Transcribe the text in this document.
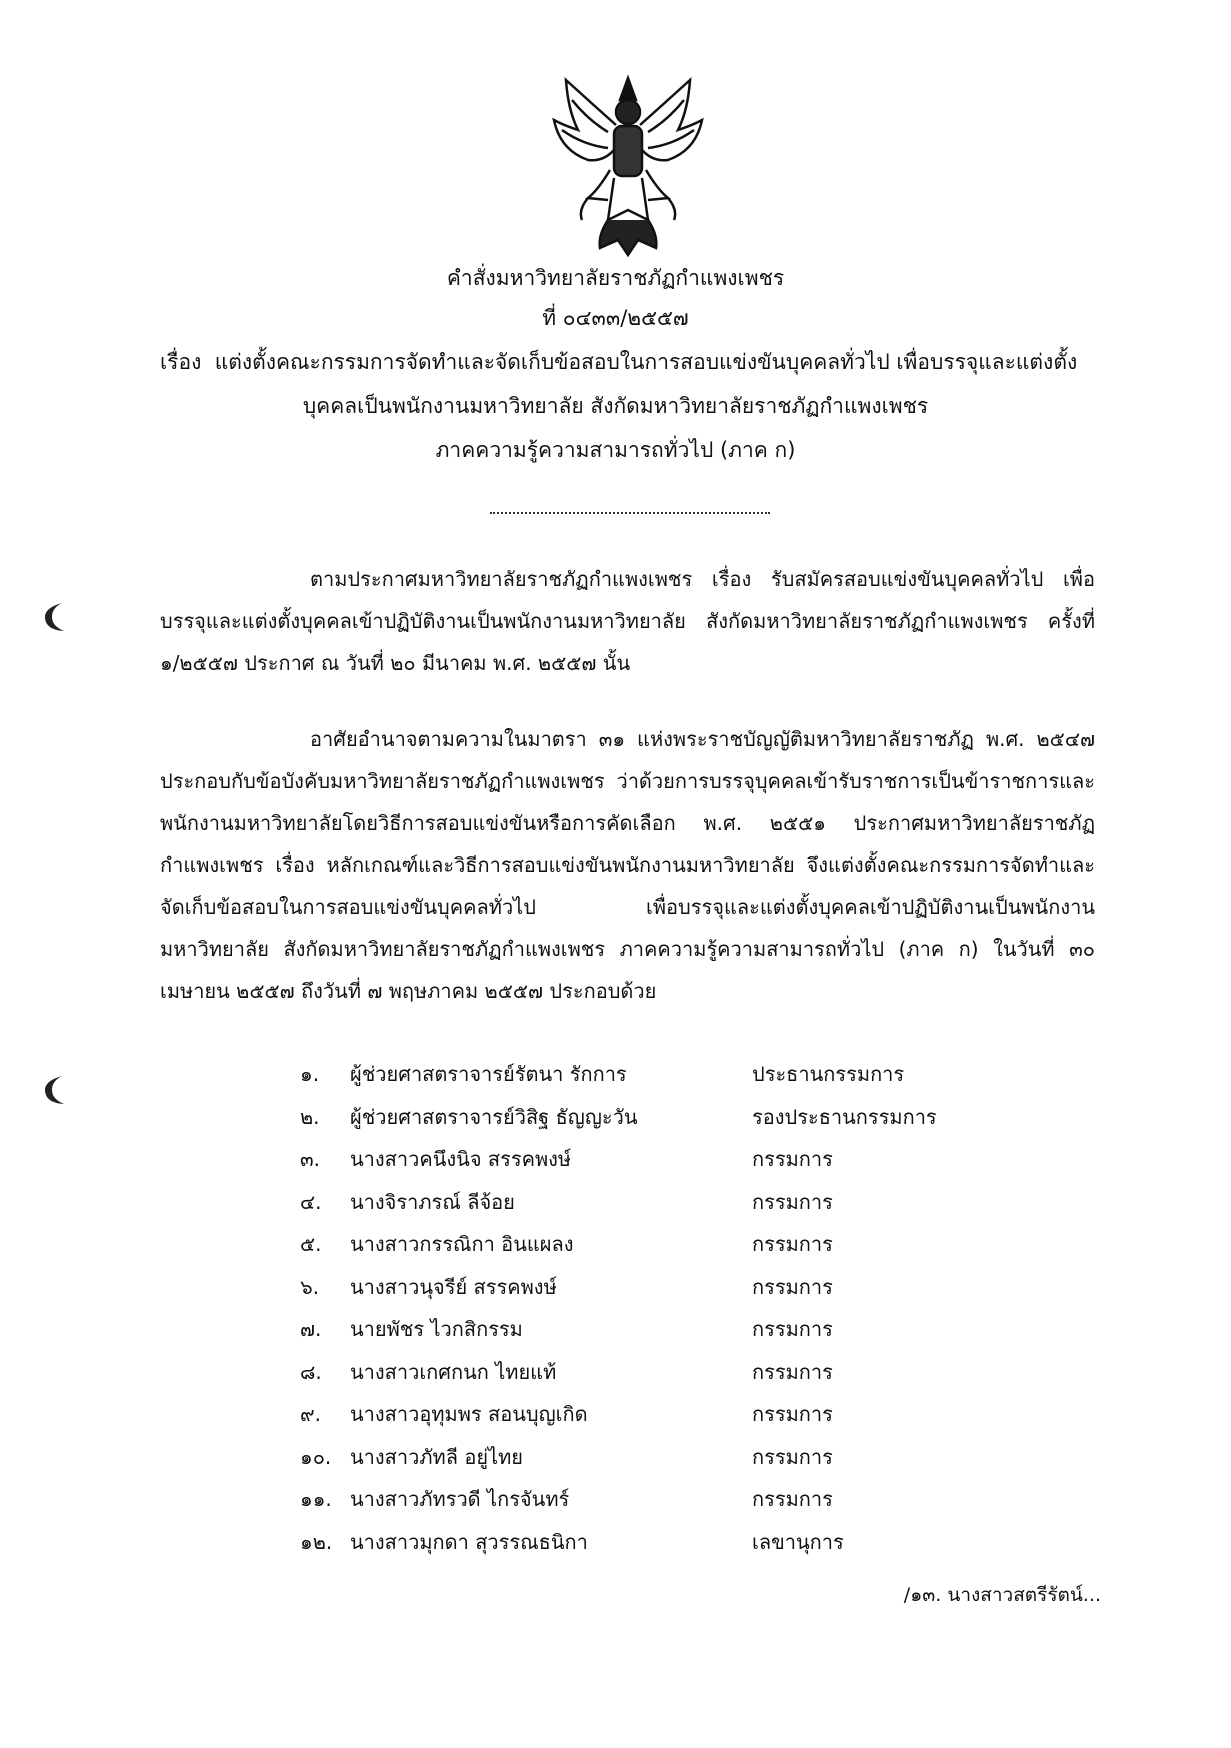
คำสั่งมหาวิทยาลัยราชภัฏกำแพงเพชร
ที่ ๐๔๓๓/๒๕๕๗
เรื่อง แต่งตั้งคณะกรรมการจัดทำและจัดเก็บข้อสอบในการสอบแข่งขันบุคคลทั่วไป เพื่อบรรจุและแต่งตั้ง
บุคคลเป็นพนักงานมหาวิทยาลัย สังกัดมหาวิทยาลัยราชภัฏกำแพงเพชร
ภาคความรู้ความสามารถทั่วไป (ภาค ก)
ตามประกาศมหาวิทยาลัยราชภัฏกำแพงเพชร เรื่อง รับสมัครสอบแข่งขันบุคคลทั่วไป เพื่อบรรจุและแต่งตั้งบุคคลเข้าปฏิบัติงานเป็นพนักงานมหาวิทยาลัย สังกัดมหาวิทยาลัยราชภัฏกำแพงเพชร ครั้งที่ ๑/๒๕๕๗ ประกาศ ณ วันที่ ๒๐ มีนาคม พ.ศ. ๒๕๕๗ นั้น
อาศัยอำนาจตามความในมาตรา ๓๑ แห่งพระราชบัญญัติมหาวิทยาลัยราชภัฏ พ.ศ. ๒๕๔๗ ประกอบกับข้อบังคับมหาวิทยาลัยราชภัฏกำแพงเพชร ว่าด้วยการบรรจุบุคคลเข้ารับราชการเป็นข้าราชการและพนักงานมหาวิทยาลัยโดยวิธีการสอบแข่งขันหรือการคัดเลือก พ.ศ. ๒๕๕๑ ประกาศมหาวิทยาลัยราชภัฏกำแพงเพชร เรื่อง หลักเกณฑ์และวิธีการสอบแข่งขันพนักงานมหาวิทยาลัย จึงแต่งตั้งคณะกรรมการจัดทำและจัดเก็บข้อสอบในการสอบแข่งขันบุคคลทั่วไป เพื่อบรรจุและแต่งตั้งบุคคลเข้าปฏิบัติงานเป็นพนักงานมหาวิทยาลัย สังกัดมหาวิทยาลัยราชภัฏกำแพงเพชร ภาคความรู้ความสามารถทั่วไป (ภาค ก) ในวันที่ ๓๐ เมษายน ๒๕๕๗ ถึงวันที่ ๗ พฤษภาคม ๒๕๕๗ ประกอบด้วย
๑.	ผู้ช่วยศาสตราจารย์รัตนา รักการ	ประธานกรรมการ
๒.	ผู้ช่วยศาสตราจารย์วิสิฐ ธัญญะวัน	รองประธานกรรมการ
๓.	นางสาวคนึงนิจ สรรคพงษ์	กรรมการ
๔.	นางจิราภรณ์ ลีจ้อย	กรรมการ
๕.	นางสาวกรรณิกา อินแผลง	กรรมการ
๖.	นางสาวนุจรีย์ สรรคพงษ์	กรรมการ
๗.	นายพัชร ไวกสิกรรม	กรรมการ
๘.	นางสาวเกศกนก ไทยแท้	กรรมการ
๙.	นางสาวอุทุมพร สอนบุญเกิด	กรรมการ
๑๐. นางสาวภัทลี อยู่ไทย	กรรมการ
๑๑. นางสาวภัทรวดี ไกรจันทร์	กรรมการ
๑๒. นางสาวมุกดา สุวรรณธนิกา	เลขานุการ
/๑๓. นางสาวสตรีรัตน์...
